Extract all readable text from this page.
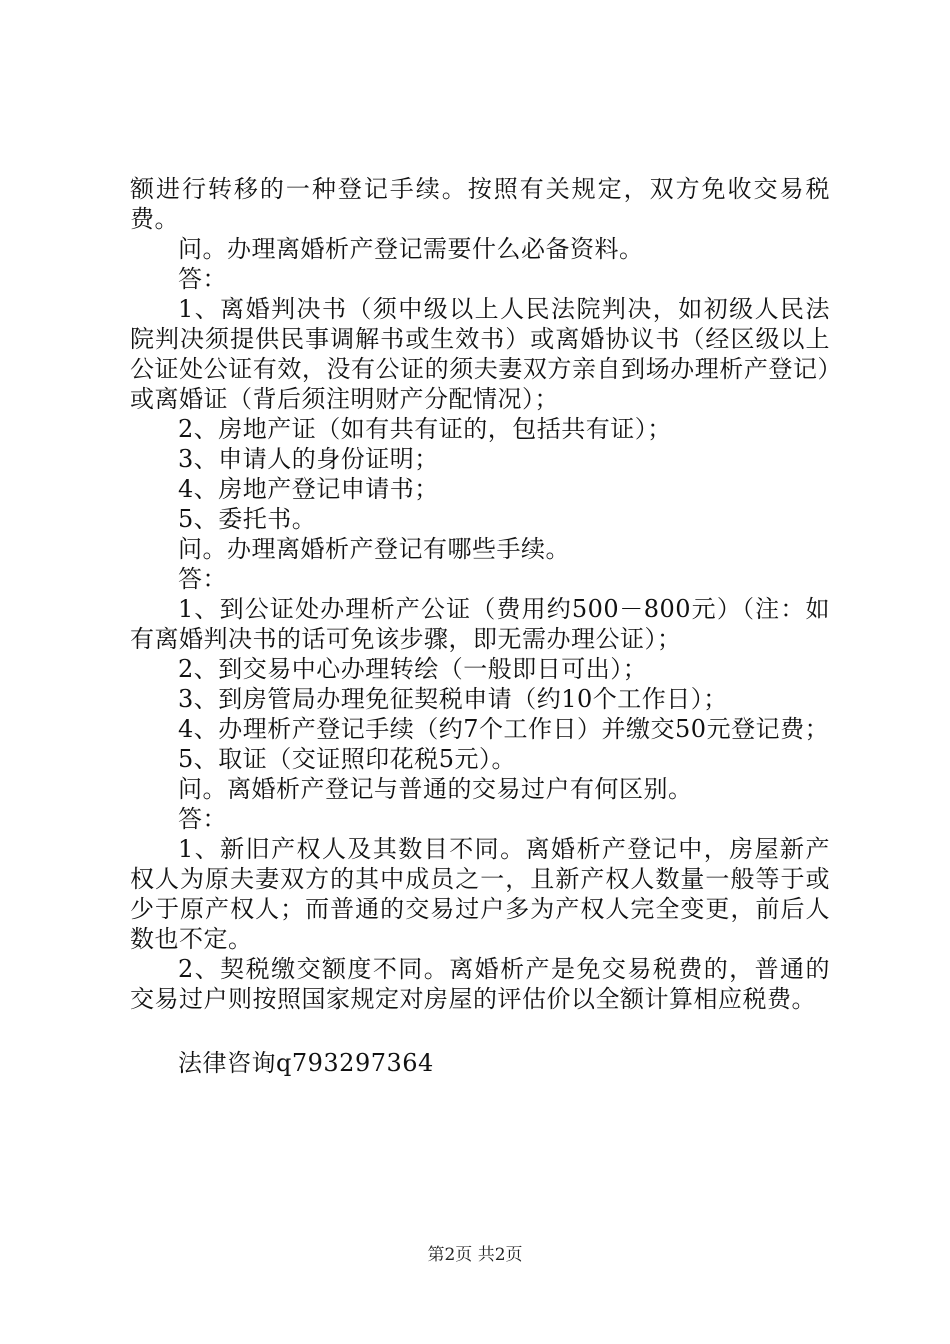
额进行转移的一种登记手续。按照有关规定，双方免收交易税费。

问。办理离婚析产登记需要什么必备资料。

答：

1、离婚判决书（须中级以上人民法院判决，如初级人民法院判决须提供民事调解书或生效书）或离婚协议书（经区级以上公证处公证有效，没有公证的须夫妻双方亲自到场办理析产登记）或离婚证（背后须注明财产分配情况）；

2、房地产证（如有共有证的，包括共有证）；

3、申请人的身份证明；

4、房地产登记申请书；

5、委托书。

问。办理离婚析产登记有哪些手续。

答：

1、到公证处办理析产公证（费用约500－800元）（注：如有离婚判决书的话可免该步骤，即无需办理公证）；

2、到交易中心办理转绘（一般即日可出）；

3、到房管局办理免征契税申请（约10个工作日）；

4、办理析产登记手续（约7个工作日）并缴交50元登记费；

5、取证（交证照印花税5元）。

问。离婚析产登记与普通的交易过户有何区别。

答：

1、新旧产权人及其数目不同。离婚析产登记中，房屋新产权人为原夫妻双方的其中成员之一，且新产权人数量一般等于或少于原产权人；而普通的交易过户多为产权人完全变更，前后人数也不定。

2、契税缴交额度不同。离婚析产是免交易税费的，普通的交易过户则按照国家规定对房屋的评估价以全额计算相应税费。

法律咨询q793297364

第2页 共2页
